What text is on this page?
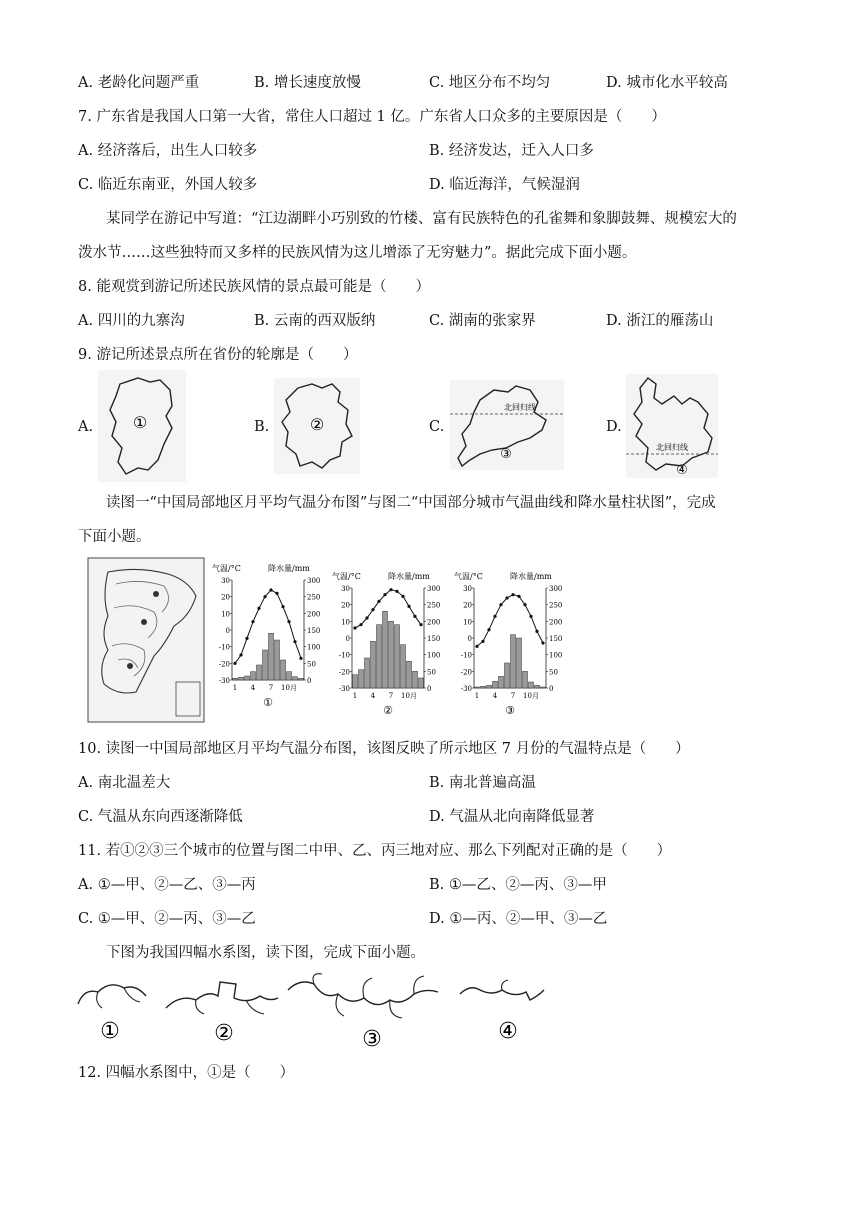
A. 老龄化问题严重	B. 增长速度放慢	C. 地区分布不均匀	D. 城市化水平较高
7. 广东省是我国人口第一大省，常住人口超过 1 亿。广东省人口众多的主要原因是（　　）
A. 经济落后，出生人口较多	B. 经济发达，迁入人口多
C. 临近东南亚，外国人较多	D. 临近海洋，气候湿润
某同学在游记中写道：“江边湖畔小巧别致的竹楼、富有民族特色的孔雀舞和象脚鼓舞、规模宏大的
泼水节……这些独特而又多样的民族风情为这儿增添了无穷魅力”。据此完成下面小题。
8. 能观赏到游记所述民族风情的景点最可能是（　　）
A. 四川的九寨沟	B. 云南的西双版纳	C. 湖南的张家界	D. 浙江的雁荡山
9. 游记所述景点所在省份的轮廓是（　　）
A. ①	B.	②	C.
北回归线
③
D.
北回归线
④
读图一“中国局部地区月平均气温分布图”与图二“中国部分城市气温曲线和降水量柱状图”，完成
下面小题。
气温/°C	降水量/mm
30
20
10
0
-10
-20
-30
300
250
200
150
100
50
0
1 4 7 10月
①
气温/°C	降水量/mm
30
20
10
0
-10
-20
-30
300
250
200
150
100
50
0
1 4 7 10月
②
气温/°C	降水量/mm
30
20
10
0
-10
-20
-30
300
250
200
150
100
50
0
1 4 7 10月
③
10. 读图一中国局部地区月平均气温分布图，该图反映了所示地区 7 月份的气温特点是（　　）
A. 南北温差大	B. 南北普遍高温
C. 气温从东向西逐渐降低	D. 气温从北向南降低显著
11. 若①②③三个城市的位置与图二中甲、乙、丙三地对应、那么下列配对正确的是（　　）
A. ①—甲、②—乙、③—丙	B. ①—乙、②—丙、③—甲
C. ①—甲、②—丙、③—乙	D. ①—丙、②—甲、③—乙
下图为我国四幅水系图，读下图，完成下面小题。
①	②	③	④
12. 四幅水系图中，①是（　　）
